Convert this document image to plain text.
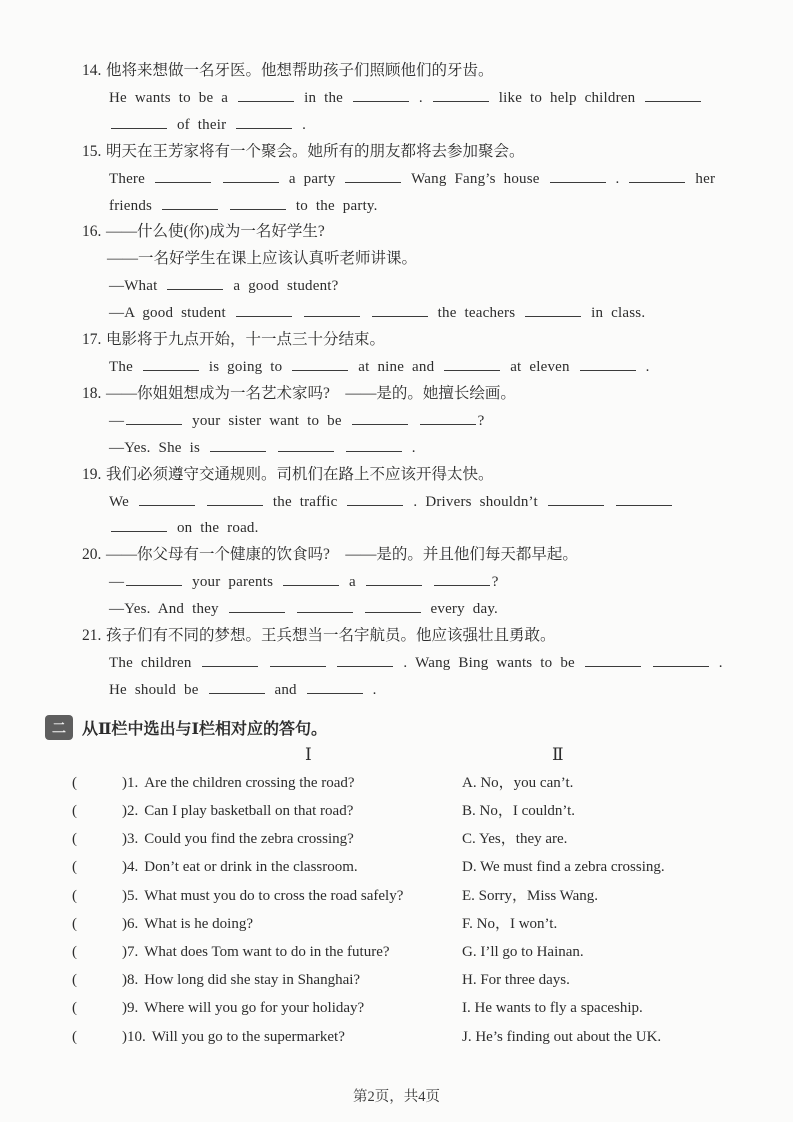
14. 他将来想做一名牙医。他想帮助孩子们照顾他们的牙齿。

He wants to be a	in the	.	like to help children

of their	.

15. 明天在王芳家将有一个聚会。她所有的朋友都将去参加聚会。

There	a party	Wang Fang’s house	.	her

friends	to the party.

16. ——什么使(你)成为一名好学生?

——一名好学生在课上应该认真听老师讲课。

—What	a good student?

—A good student	the teachers	in class.

17. 电影将于九点开始，十一点三十分结束。

The	is going to	at nine and	at eleven	.

18. ——你姐姐想成为一名艺术家吗?　——是的。她擅长绘画。

—	your sister want to be	?

—Yes. She is	.

19. 我们必须遵守交通规则。司机们在路上不应该开得太快。

We	the traffic	. Drivers shouldn’t

on the road.

20. ——你父母有一个健康的饮食吗?　——是的。并且他们每天都早起。

—	your parents	a	?

—Yes. And they	every day.

21. 孩子们有不同的梦想。王兵想当一名宇航员。他应该强壮且勇敢。

The children	. Wang Bing wants to be	.

He should be	and	.

二	从Ⅱ栏中选出与Ⅰ栏相对应的答句。
Ⅰ	Ⅱ
(	)1. Are the children crossing the road?	A. No，you can’t.
(	)2. Can I play basketball on that road?	B. No，I couldn’t.
(	)3. Could you find the zebra crossing?	C. Yes，they are.
(	)4. Don’t eat or drink in the classroom.	D. We must find a zebra crossing.
(	)5. What must you do to cross the road safely?	E. Sorry，Miss Wang.
(	)6. What is he doing?	F. No，I won’t.
(	)7. What does Tom want to do in the future?	G. I’ll go to Hainan.
(	)8. How long did she stay in Shanghai?	H. For three days.
(	)9. Where will you go for your holiday?	I. He wants to fly a spaceship.
(	)10. Will you go to the supermarket?	J. He’s finding out about the UK.
第2页，共4页
